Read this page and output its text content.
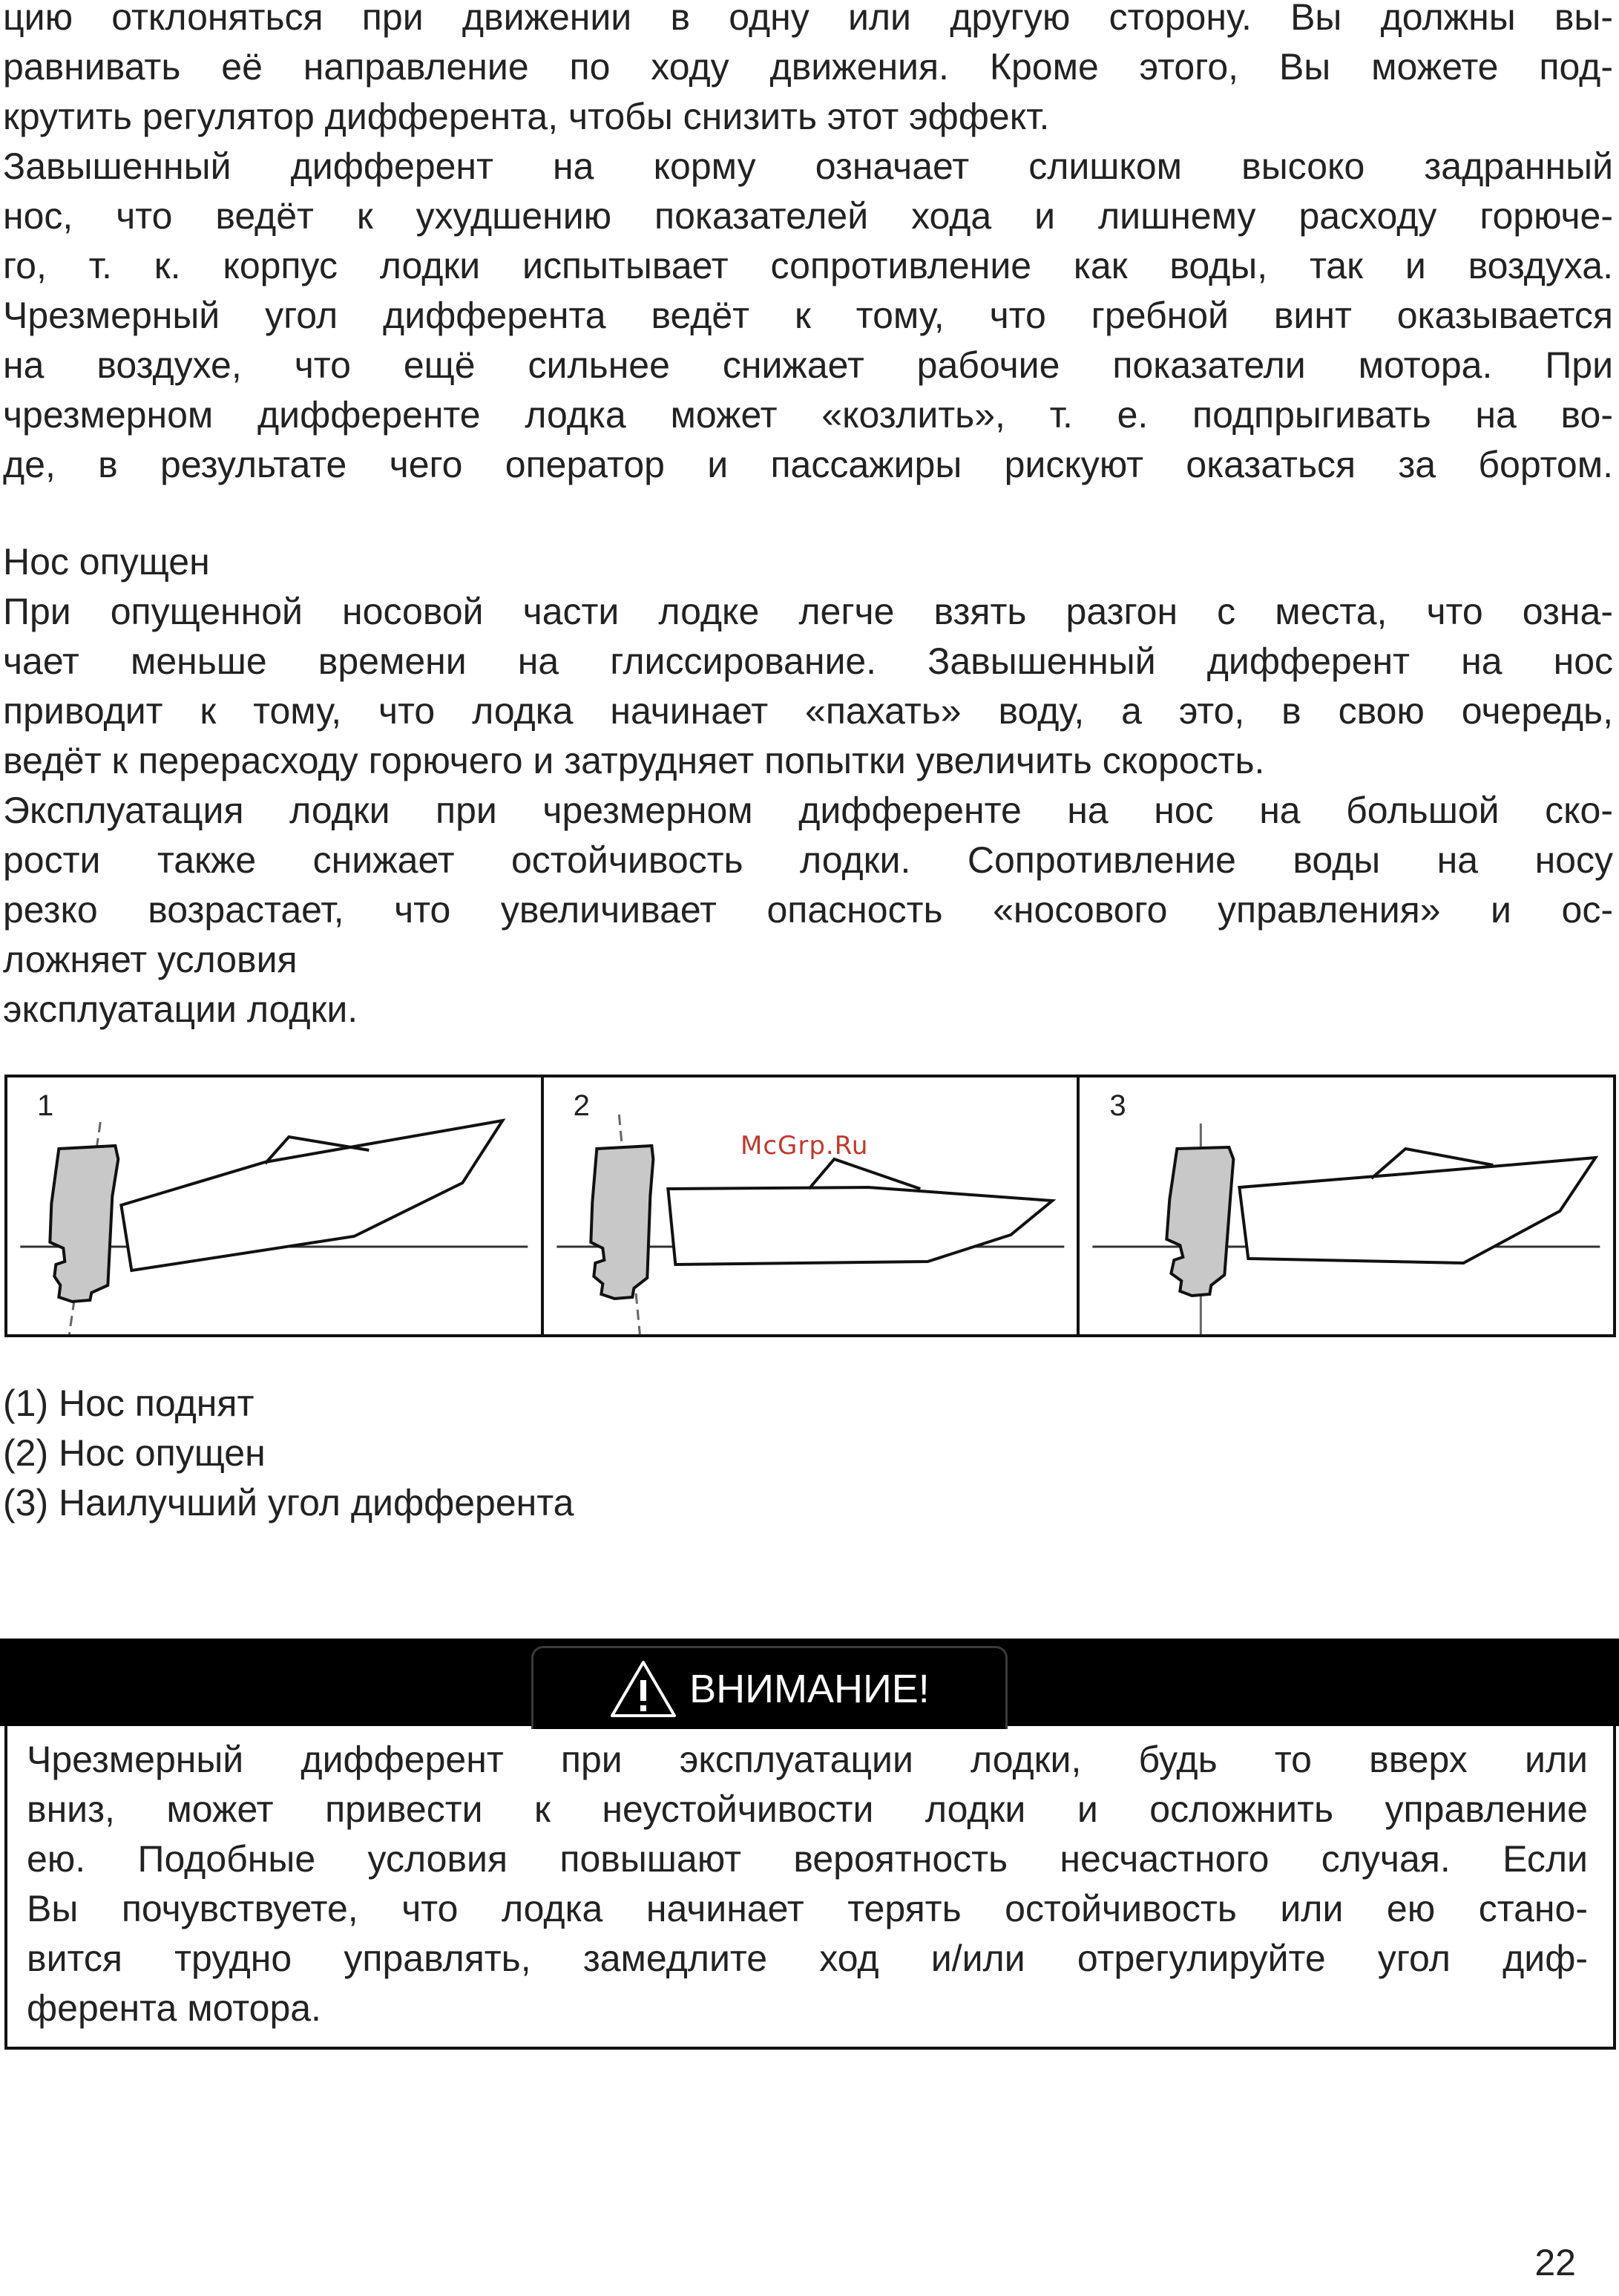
цию отклоняться при движении в одну или другую сторону. Вы должны вы-
равнивать её направление по ходу движения. Кроме этого, Вы можете под-
крутить регулятор дифферента, чтобы снизить этот эффект.
Завышенный дифферент на корму означает слишком высоко задранный
нос, что ведёт к ухудшению показателей хода и лишнему расходу горюче-
го, т. к. корпус лодки испытывает сопротивление как воды, так и воздуха.
Чрезмерный угол дифферента ведёт к тому, что гребной винт оказывается
на воздухе, что ещё сильнее снижает рабочие показатели мотора. При
чрезмерном дифференте лодка может «козлить», т. е. подпрыгивать на во-
де, в результате чего оператор и пассажиры рискуют оказаться за бортом.
Нос опущен
При опущенной носовой части лодке легче взять разгон с места, что озна-
чает меньше времени на глиссирование. Завышенный дифферент на нос
приводит к тому, что лодка начинает «пахать» воду, а это, в свою очередь,
ведёт к перерасходу горючего и затрудняет попытки увеличить скорость.
Эксплуатация лодки при чрезмерном дифференте на нос на большой ско-
рости также снижает остойчивость лодки. Сопротивление воды на носу
резко возрастает, что увеличивает опасность «носового управления» и ос-
ложняет условия
эксплуатации лодки.
1	2	3
McGrp.Ru
(1) Нос поднят
(2) Нос опущен
(3) Наилучший угол дифферента
ВНИМАНИЕ!
Чрезмерный дифферент при эксплуатации лодки, будь то вверх или
вниз, может привести к неустойчивости лодки и осложнить управление
ею. Подобные условия повышают вероятность несчастного случая. Если
Вы почувствуете, что лодка начинает терять остойчивость или ею стано-
вится трудно управлять, замедлите ход и/или отрегулируйте угол диф-
ферента мотора.
22
